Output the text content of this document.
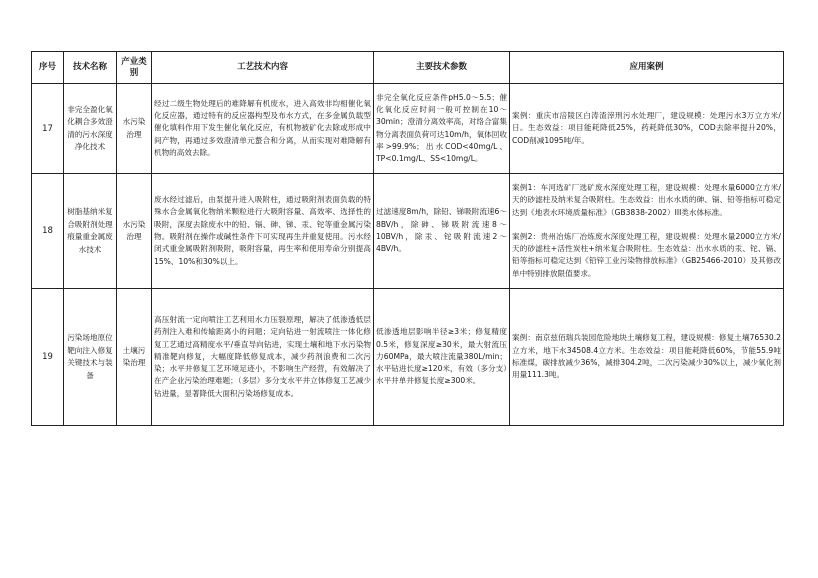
序号	技术名称	产业类别	工艺技术内容	主要技术参数	应用案例
17	非完全盈化氧化耦合多效澄清的污水深度净化技术	水污染治理	经过二级生物处理后的难降解有机废水，进入高效非均相催化氧化反应器，通过特有的反应器构型及布水方式，在多金属负载型催化填料作用下发生催化氧化反应，有机物被矿化去除或形成中间产物，再通过多效澄清单元螯合和分离，从而实现对难降解有机物的高效去除。	非完全氧化反应条件pH5.0～5.5；催化氧化反应时间一般可控制在10～30min；澄清分离效率高，对络合富集物分离表面负荷可达10m/h，氧体回收率>99.9%；出水COD<40mg/L、TP<0.1mg/L、SS<10mg/L。	案例：重庆市涪陵区白涛渣滓刑污水处理厂，建设规模：处理污水3万立方米/日。生态效益：项目能耗降低25%，药耗降低30%，COD去除率提升20%，COD削减1095吨/年。

18	树脂基纳米复合吸附剂处理痕量重金属废水技术	水污染治理	废水经过滤后，由泵提升进入吸附柱，通过吸附剂表面负载的特殊水合金属氧化物纳米颗粒进行大吸附容量、高效率、选择性的吸附，深度去除废水中的铅、镉、砷、锑、汞、铊等重金属污染物。吸附剂在操作或碱性条件下可实现再生并重复使用。污水经闭式重金属吸附剂吸附，吸附容量，再生率和使用寿命分别提高15%、10%和30%以上。	过滤速度8m/h，除铅、锑吸附流速6～8BV/h，除砷、锑吸附流速8～10BV/h，除汞、铊吸附流速2～4BV/h。	案例1：车河选矿厂选矿废水深度处理工程，建设规模：处理水量6000立方米/天的砂滤柱及纳米复合吸附柱。生态效益：出水水质的砷、镉、铅等指标可稳定达到《地表水环境质量标准》（GB3838-2002）III类水体标准。
案例2：贵州冶炼厂冶炼废水深度处理工程，建设规模：处理水量2000立方米/天的砂滤柱+活性炭柱+纳米复合吸附柱。生态效益：出水水质的汞、铊、镉、铅等指标可稳定达到《铅锌工业污染物排放标准》（GB25466-2010）及其修改单中特别排放限值要求。

19	污染场地原位靶向注入修复关键技术与装备	土壤污染治理	高压射流一定向喷注工艺利用水力压裂原理，解决了低渗透低层药剂注入难和传输距离小的问题；定向钻进一射流喷注一体化修复工艺通过高精度水平/垂直导向钻进，实现土壤和地下水污染物精准靶向修复，大幅度降低修复成本，减少药剂浪费和二次污染；水平井修复工艺环境足迹小，不影响生产经营，有效解决了在产企业污染治理难题；（多层）多分支水平井立体修复工艺减少钻进量，显著降低大面积污染场修复成本。	低渗透地层影响半径≥3米；修复精度0.5米，修复深度≥30米，最大射流压力60MPa，最大喷注流量380L/min；水平钻进长度≥120米，有效（多分支）水平井单井修复长度≥300米。	案例：南京兹佰瑞兵装园危险地块土壤修复工程，建设规模：修复土壤76530.2立方米，地下水34508.4立方米。生态效益：项目能耗降低60%，节能55.9吨标准煤，碳排放减少36%，减排304.2吨，二次污染减少30%以上，减少氧化剂用量111.3吨。
